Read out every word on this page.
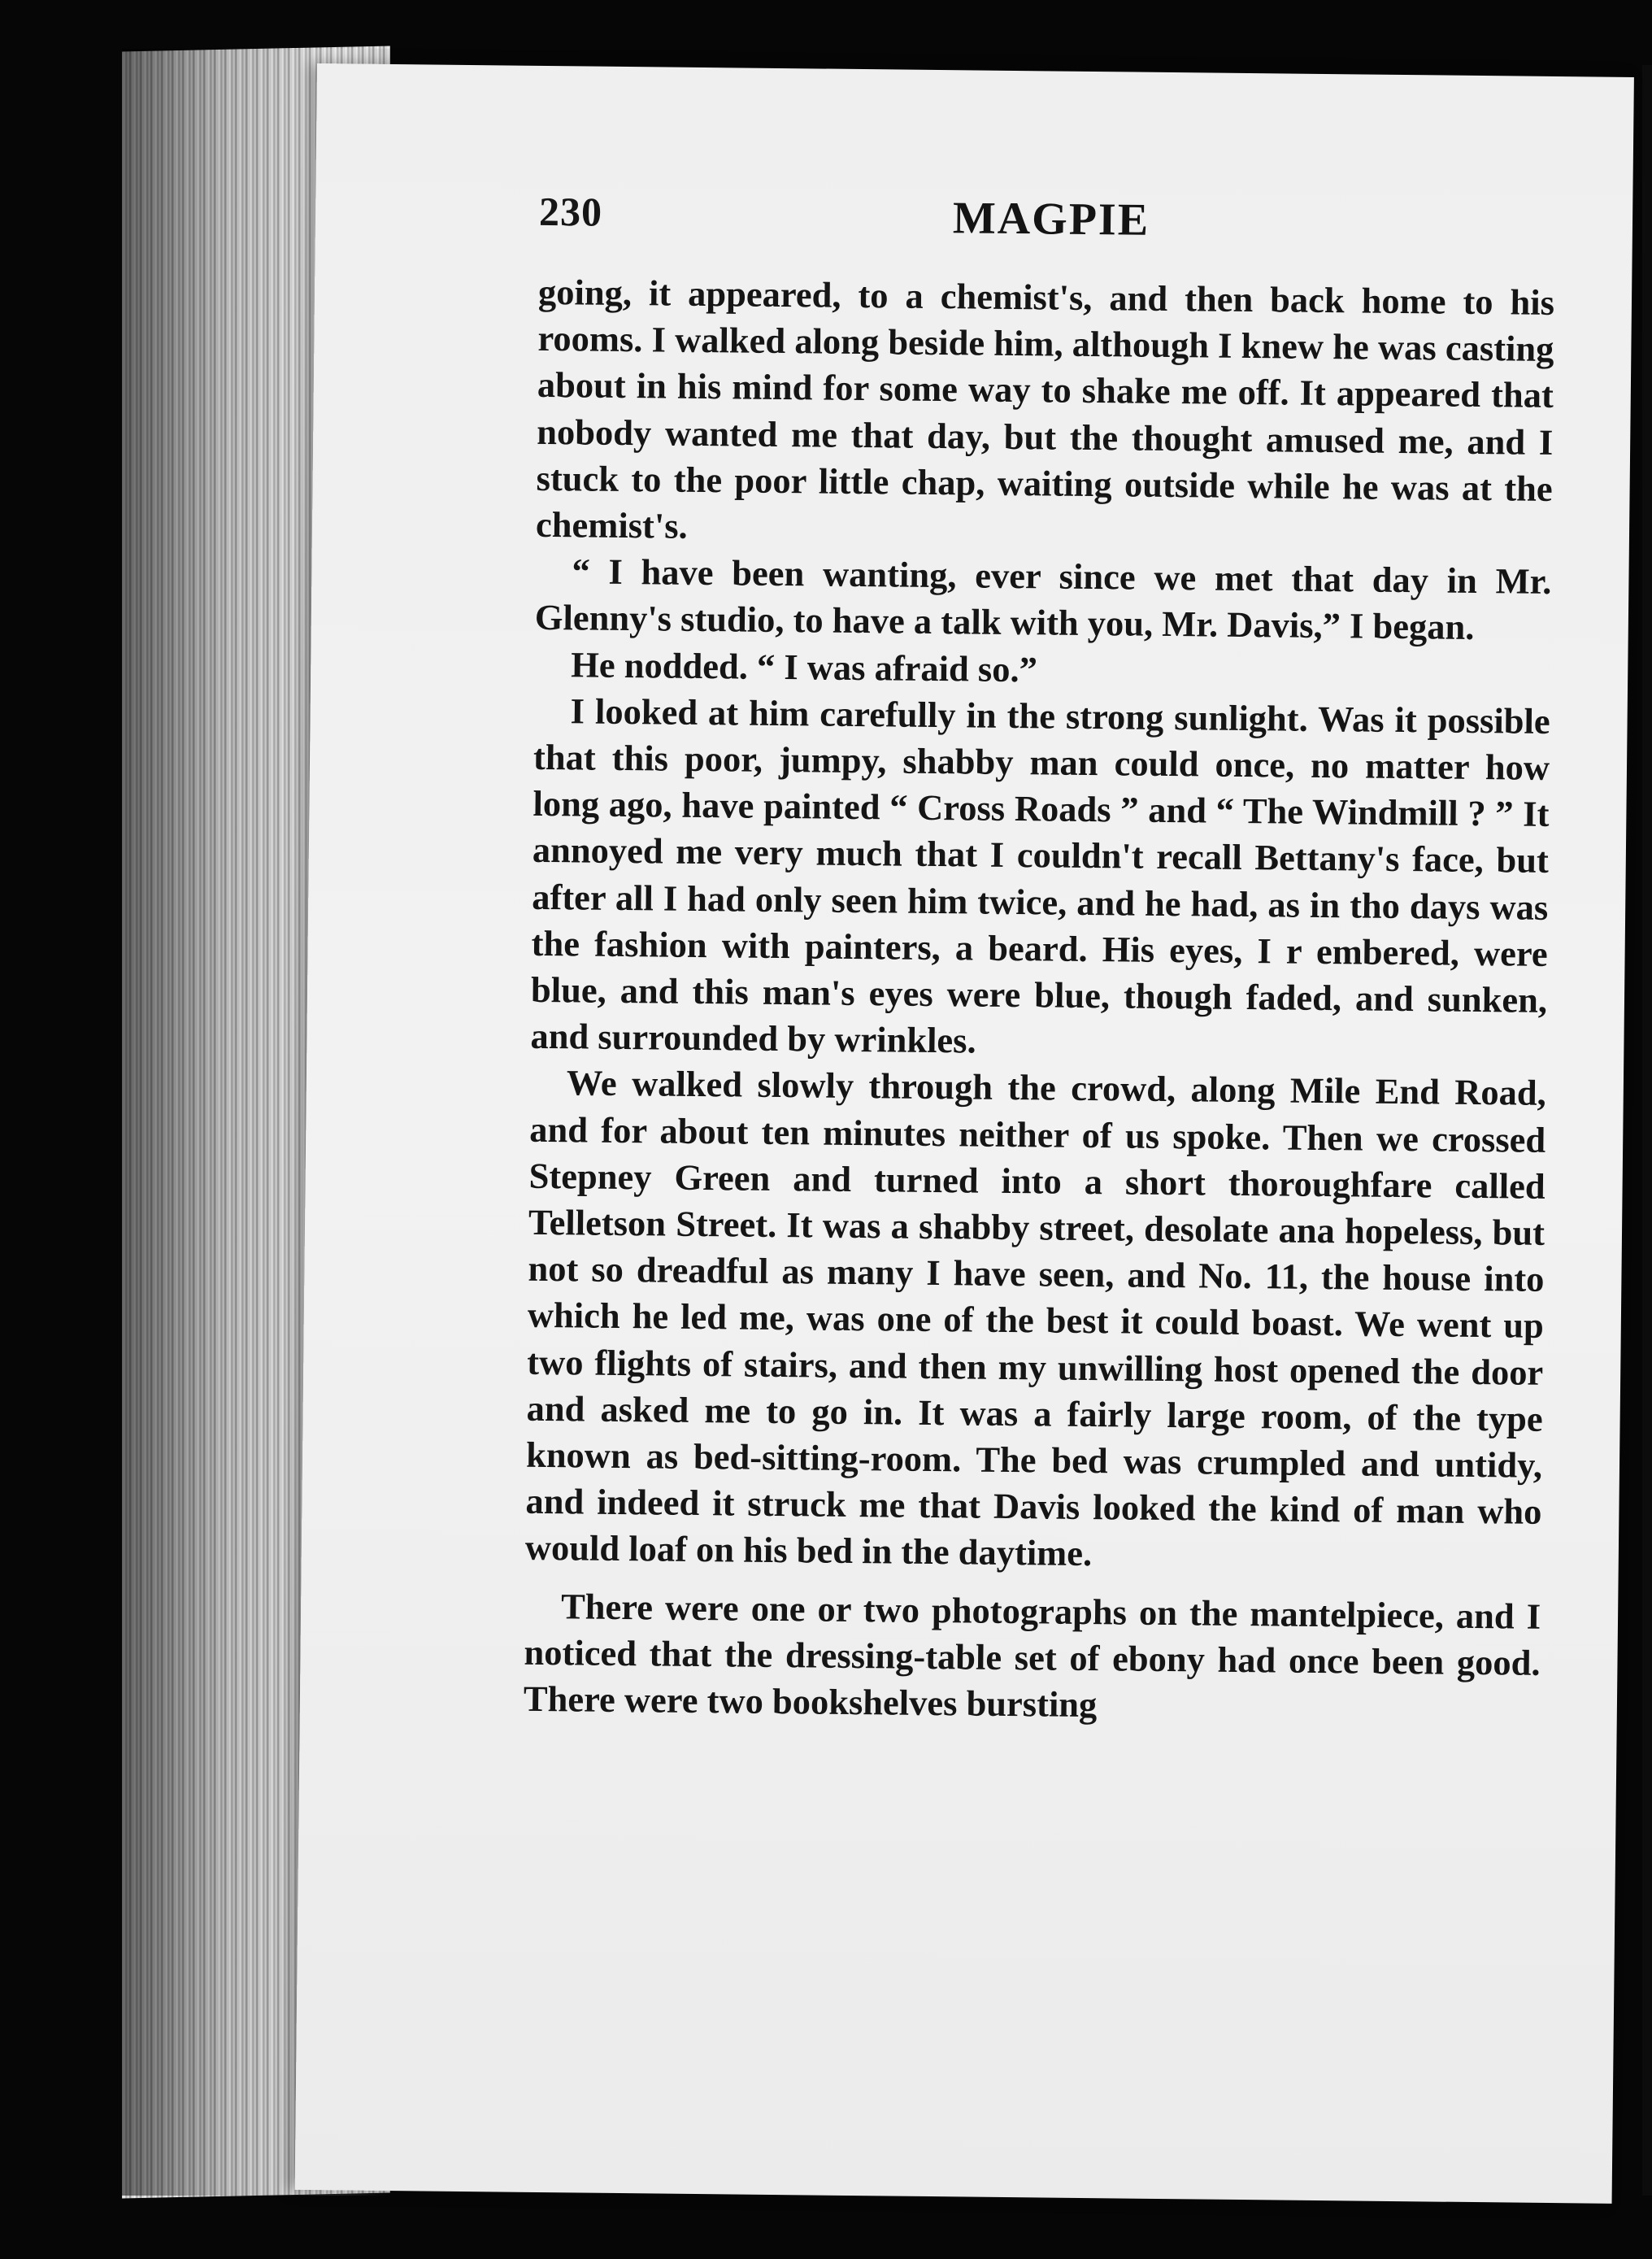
230	MAGPIE

going, it appeared, to a chemist's, and then back home to his rooms. I walked along beside him, although I knew he was casting about in his mind for some way to shake me off. It appeared that nobody wanted me that day, but the thought amused me, and I stuck to the poor little chap, waiting outside while he was at the chemist's.

“ I have been wanting, ever since we met that day in Mr. Glenny's studio, to have a talk with you, Mr. Davis,” I began.

He nodded. “ I was afraid so.”

I looked at him carefully in the strong sunlight. Was it possible that this poor, jumpy, shabby man could once, no matter how long ago, have painted “ Cross Roads ” and “ The Windmill ? ” It annoyed me very much that I couldn't recall Bettany's face, but after all I had only seen him twice, and he had, as in tho days was the fashion with painters, a beard. His eyes, I r embered, were blue, and this man's eyes were blue, though faded, and sunken, and surrounded by wrinkles.

We walked slowly through the crowd, along Mile End Road, and for about ten minutes neither of us spoke. Then we crossed Stepney Green and turned into a short thoroughfare called Telletson Street. It was a shabby street, desolate ana hopeless, but not so dreadful as many I have seen, and No. 11, the house into which he led me, was one of the best it could boast. We went up two flights of stairs, and then my unwilling host opened the door and asked me to go in. It was a fairly large room, of the type known as bed-sitting-room. The bed was crumpled and untidy, and indeed it struck me that Davis looked the kind of man who would loaf on his bed in the daytime.

There were one or two photographs on the mantelpiece, and I noticed that the dressing-table set of ebony had once been good. There were two bookshelves bursting
